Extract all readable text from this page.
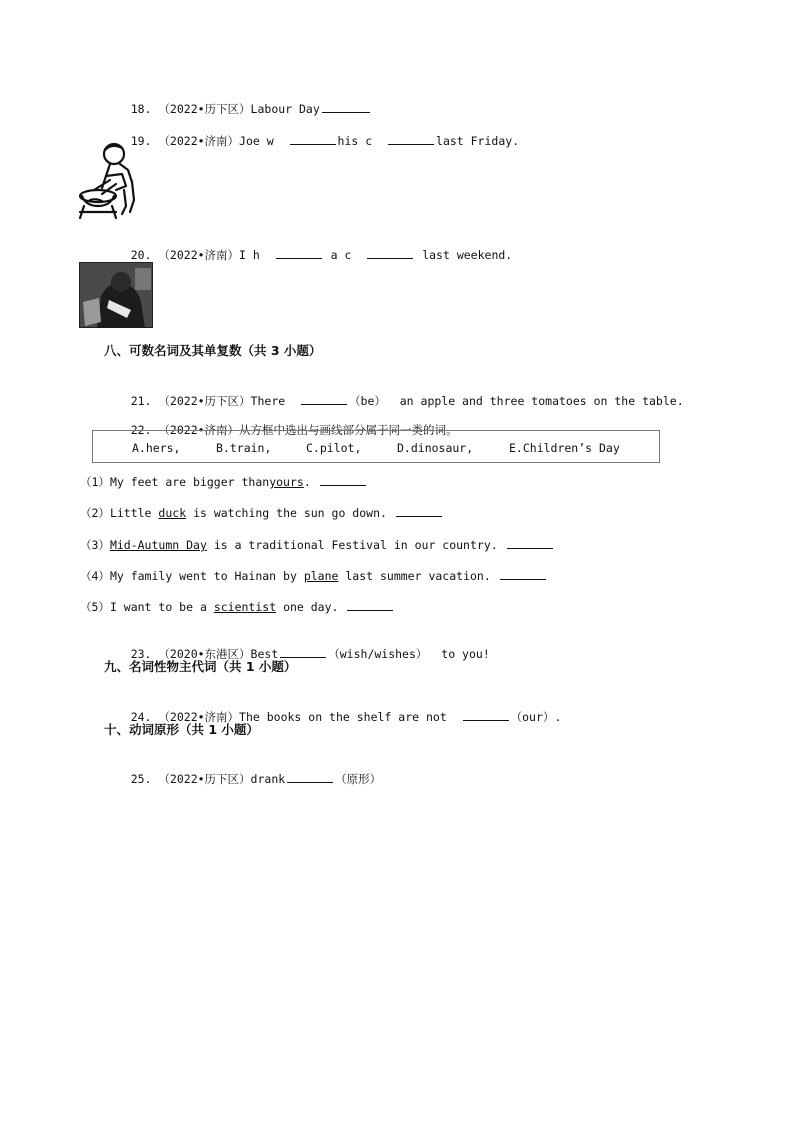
18. （2022•历下区）Labour Day

19. （2022•济南）Joe w	his c	last Friday.

20. （2022•济南）I h	a c	last weekend.

八、可数名词及其单复数（共 3 小题）

21. （2022•历下区）There	（be） an apple and three tomatoes on the table.

22. （2022•济南）从方框中选出与画线部分属于同一类的词。

A.hers,	B.train,	C.pilot,	D.dinosaur,	E.Children’s Day
（1）My feet are bigger thanyours.
（2）Little duck is watching the sun go down.
（3）Mid‐Autumn Day is a traditional Festival in our country.
（4）My family went to Hainan by plane last summer vacation.
（5）I want to be a scientist one day.

23. （2020•东港区）Best	（wish/wishes） to you!

九、名词性物主代词（共 1 小题）

24. （2022•济南）The books on the shelf are not	（our）.

十、动词原形（共 1 小题）

25. （2022•历下区）drank	（原形）
